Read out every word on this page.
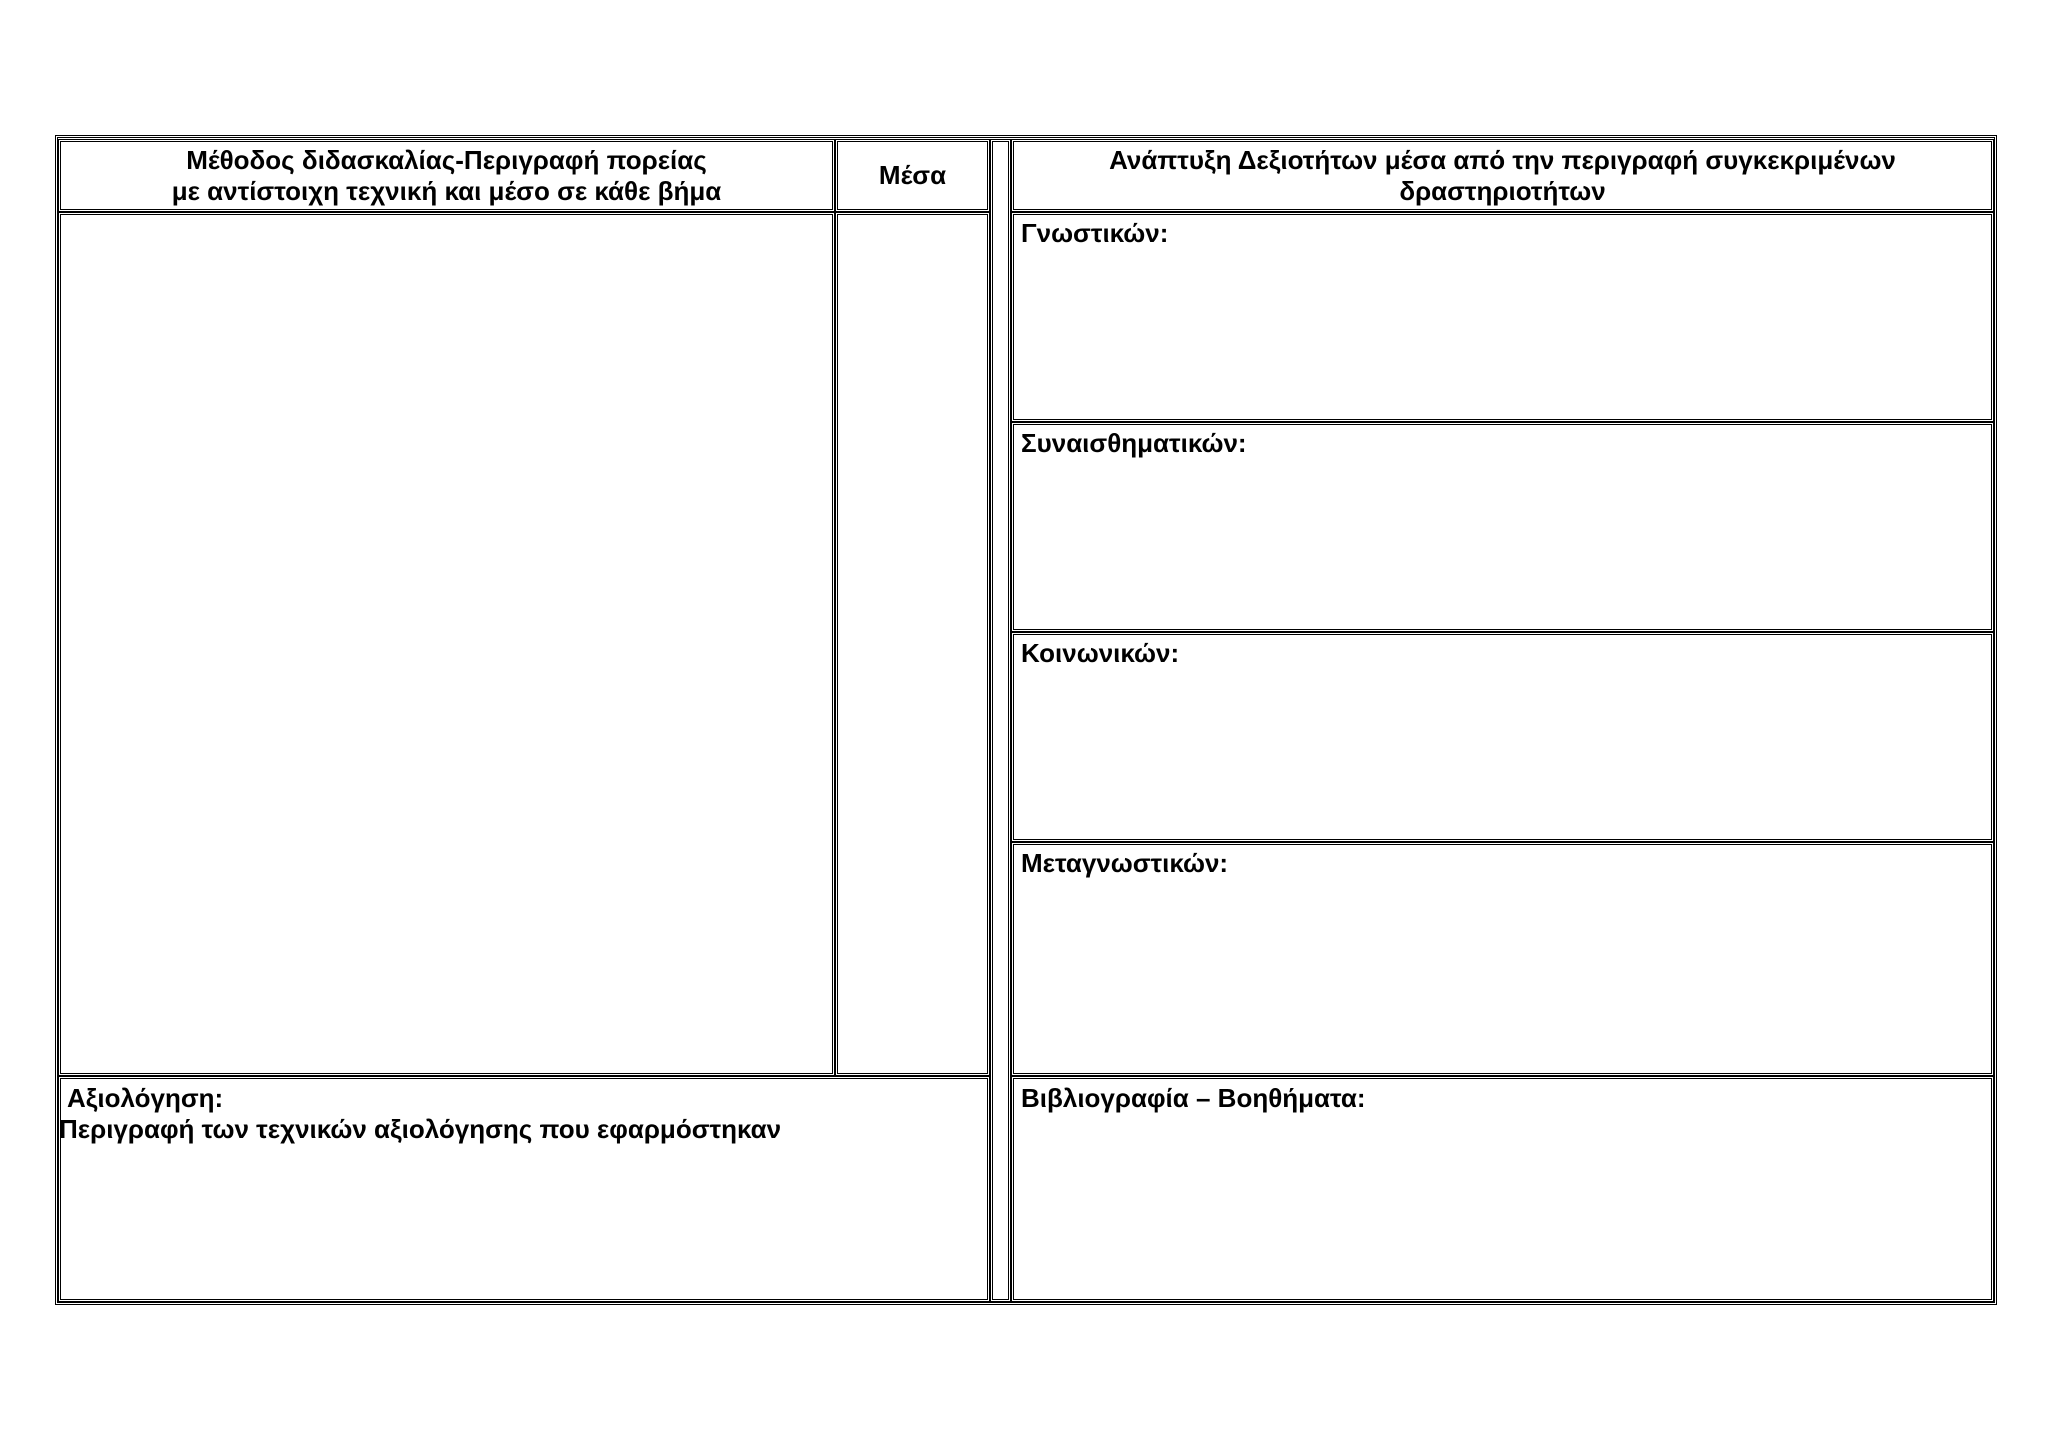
Μέθοδος διδασκαλίας-Περιγραφή πορείας
με αντίστοιχη τεχνική και μέσο σε κάθε βήμα
Μέσα
Αξιολόγηση:
Περιγραφή των τεχνικών αξιολόγησης που εφαρμόστηκαν
Ανάπτυξη Δεξιοτήτων μέσα από την περιγραφή συγκεκριμένων
δραστηριοτήτων
Γνωστικών:
Συναισθηματικών:
Κοινωνικών:
Μεταγνωστικών:
Βιβλιογραφία – Βοηθήματα:
